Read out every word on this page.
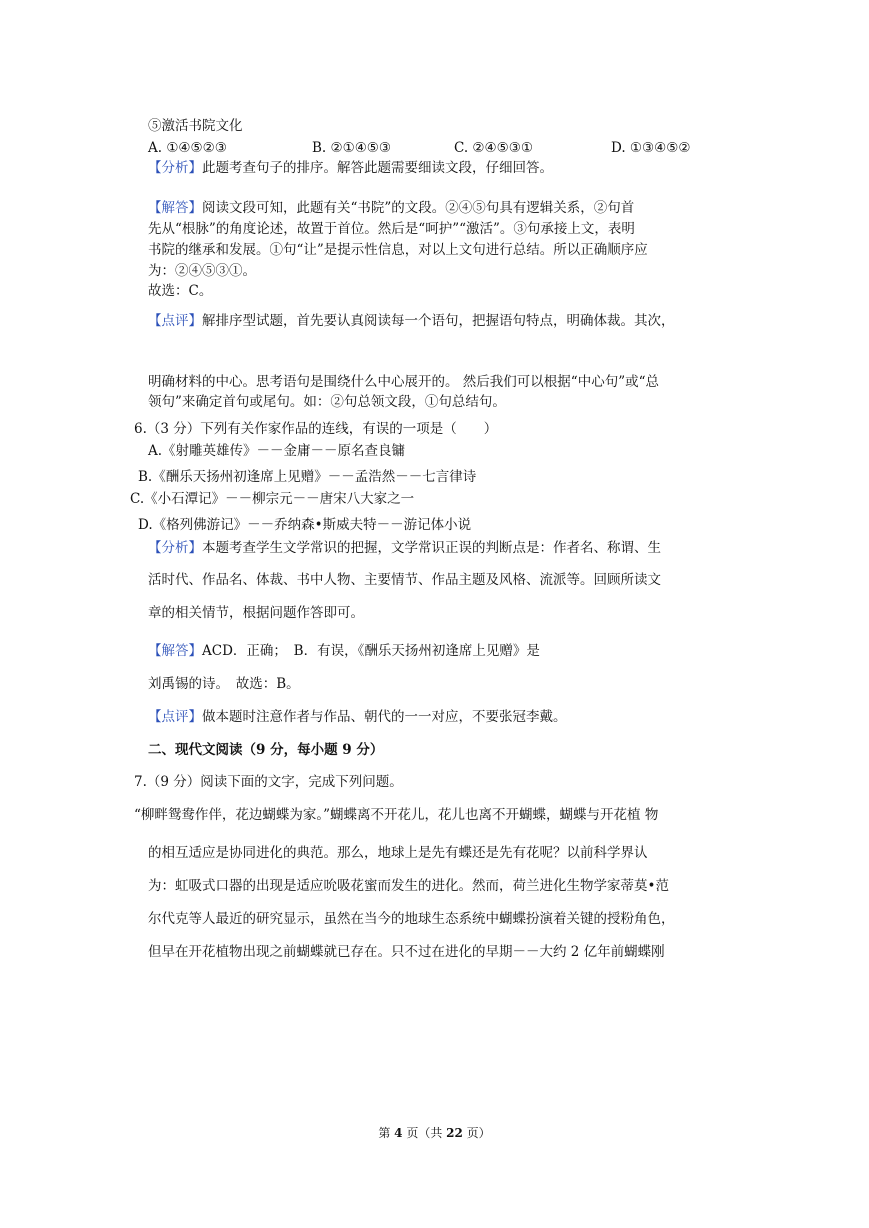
⑤激活书院文化
A. ①④⑤②③	B. ②①④⑤③	C. ②④⑤③①	D. ①③④⑤②
【分析】此题考查句子的排序。解答此题需要细读文段，仔细回答。
【解答】阅读文段可知，此题有关“书院”的文段。②④⑤句具有逻辑关系，②句首
先从“根脉”的角度论述，故置于首位。然后是“呵护”“激活”。③句承接上文，表明
书院的继承和发展。①句“让”是提示性信息，对以上文句进行总结。所以正确顺序应
为：②④⑤③①。
故选：C。
【点评】解排序型试题，首先要认真阅读每一个语句，把握语句特点，明确体裁。其次，
明确材料的中心。思考语句是围绕什么中心展开的。 然后我们可以根据“中心句”或“总
领句”来确定首句或尾句。如：②句总领文段，①句总结句。
6.（3 分）下列有关作家作品的连线，有误的一项是（　　）
A.《射雕英雄传》－－金庸－－原名查良镛
B.《酬乐天扬州初逢席上见赠》－－孟浩然－－七言律诗
C.《小石潭记》－－柳宗元－－唐宋八大家之一
D.《格列佛游记》－－乔纳森•斯威夫特－－游记体小说
【分析】本题考查学生文学常识的把握，文学常识正误的判断点是：作者名、称谓、生
活时代、作品名、体裁、书中人物、主要情节、作品主题及风格、流派等。回顾所读文
章的相关情节，根据问题作答即可。
【解答】ACD．正确；　B．有误，《酬乐天扬州初逢席上见赠》是
刘禹锡的诗。　故选：B。
【点评】做本题时注意作者与作品、朝代的一一对应，不要张冠李戴。
二、现代文阅读（9 分，每小题 9 分）
7.（9 分）阅读下面的文字，完成下列问题。
“柳畔鸳鸯作伴，花边蝴蝶为家。”蝴蝶离不开花儿，花儿也离不开蝴蝶，蝴蝶与开花植 物
的相互适应是协同进化的典范。那么，地球上是先有蝶还是先有花呢？以前科学界认
为：虹吸式口器的出现是适应吮吸花蜜而发生的进化。然而，荷兰进化生物学家蒂莫•范
尔代克等人最近的研究显示，虽然在当今的地球生态系统中蝴蝶扮演着关键的授粉角色，
但早在开花植物出现之前蝴蝶就已存在。只不过在进化的早期－－大约 2 亿年前蝴蝶刚
第 4 页（共 22 页）
